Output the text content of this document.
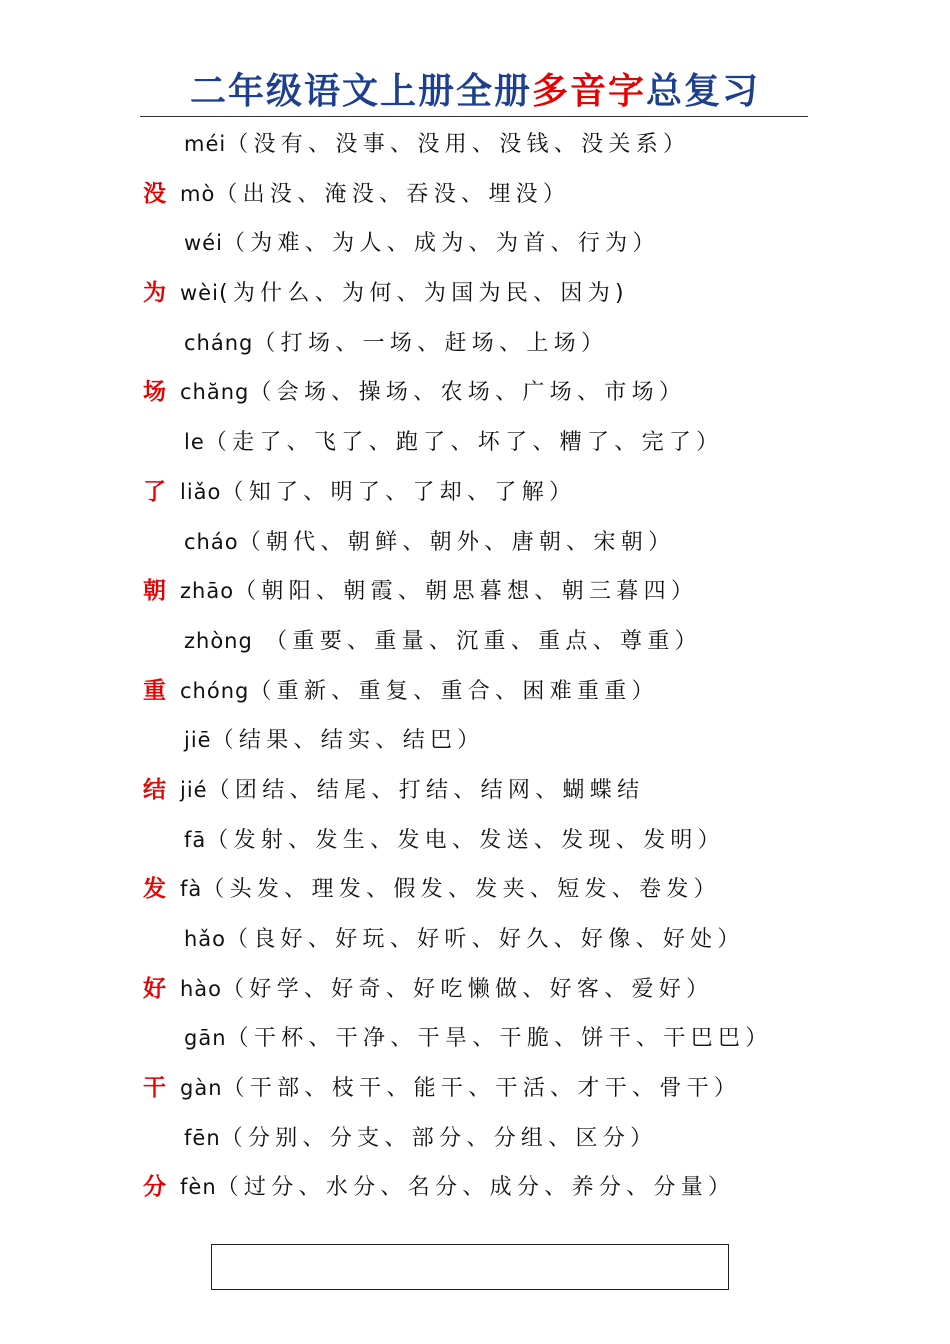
二年级语文上册全册多音字总复习
méi （没有、没事、没用、没钱、没关系）
没 mò （出没、淹没、吞没、埋没）
wéi （为难、为人、成为、为首、行为）
为 wèi (为什么、为何、为国为民、因为)
cháng （打场、一场、赶场、上场）
场 chăng （会场、操场、农场、广场、市场）
le （走了、飞了、跑了、坏了、糟了、完了）
了 liǎo （知了、明了、了却、了解）
cháo （朝代、朝鲜、朝外、唐朝、宋朝）
朝 zhāo （朝阳、朝霞、朝思暮想、朝三暮四）
zhòng （重要、重量、沉重、重点、尊重）
重 chóng （重新、重复、重合、困难重重）
jiē （结果、结实、结巴）
结 jié （团结、结尾、打结、结网、蝴蝶结
fā （发射、发生、发电、发送、发现、发明）
发 fà （头发、理发、假发、发夹、短发、卷发）
hǎo （良好、好玩、好听、好久、好像、好处）
好 hào （好学、好奇、好吃懒做、好客、爱好）
gān （干杯、干净、干旱、干脆、饼干、干巴巴）
干 gàn （干部、枝干、能干、干活、才干、骨干）
fēn （分别、分支、部分、分组、区分）
分 fèn （过分、水分、名分、成分、养分、分量）
